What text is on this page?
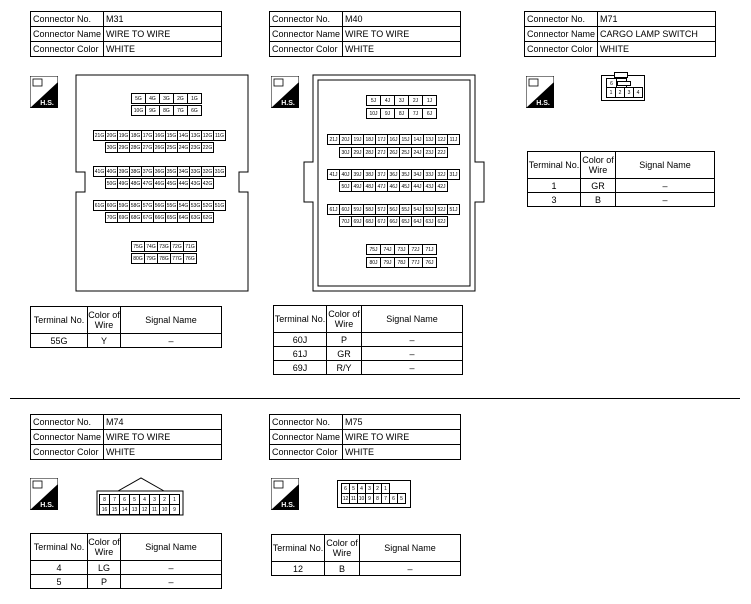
Connector No.	M31
Connector Name	WIRE TO WIRE
Connector Color	WHITE
H.S.
5G	4G	3G	2G	1G
10G	9G	8G	7G	6G
21G 20G 19G 18G 17G 16G 15G 14G 13G 12G 11G
30G 29G 28G 27G 26G 25G 24G 23G 22G
41G 40G 39G 38G 37G 36G 35G 34G 33G 32G 31G
50G 49G 48G 47G 46G 45G 44G 43G 42G
61G 60G 59G 58G 57G 56G 55G 54G 53G 52G 51G
70G 69G 68G 67G 66G 65G 64G 63G 62G
75G 74G 73G 72G 71G
80G 79G 78G 77G 76G
Terminal No.	Color of
Wire	Signal Name
55G	Y	–
Connector No.	M40
Connector Name	WIRE TO WIRE
Connector Color	WHITE
H.S.	5J	4J	3J	2J	1J
10J	9J	8J	7J	6J
21J 20J 19J 18J 17J 16J 15J 14J 13J 12J 11J
30J 29J 28J 27J 26J 25J 24J 23J 22J
41J 40J 39J 38J 37J 36J 35J 34J 33J 32J 31J
50J 49J 48J 47J 46J 45J 44J 43J 42J
61J 60J 59J 58J 57J 56J 55J 54J 53J 52J 51J
70J 69J 68J 67J 66J 65J 64J 63J 62J
75J	74J	73J	72J	71J
80J	79J	78J	77J	76J
Terminal No.	Color of
Wire	Signal Name
60J	P	–
61J	GR	–
69J	R/Y	–
Connector No.	M71
Connector Name	CARGO LAMP SWITCH
Connector Color	WHITE
H.S.
6
1	2	3	4
Terminal No.	Color of
Wire	Signal Name
1	GR	–
3	B	–
Connector No.	M74
Connector Name	WIRE TO WIRE
Connector Color	WHITE
H.S.
8	7	6	5	4	3	2	1
16 15 14 13 12 11 10	9
Terminal No.	Color of
Wire	Signal Name
4	LG	–
5	P	–
Connector No.	M75
Connector Name	WIRE TO WIRE
Connector Color	WHITE
H.S.
6	5	4	3	2	1
12 11 10 9	8	7	6	5
Terminal No.	Color of
Wire	Signal Name
12	B	–
